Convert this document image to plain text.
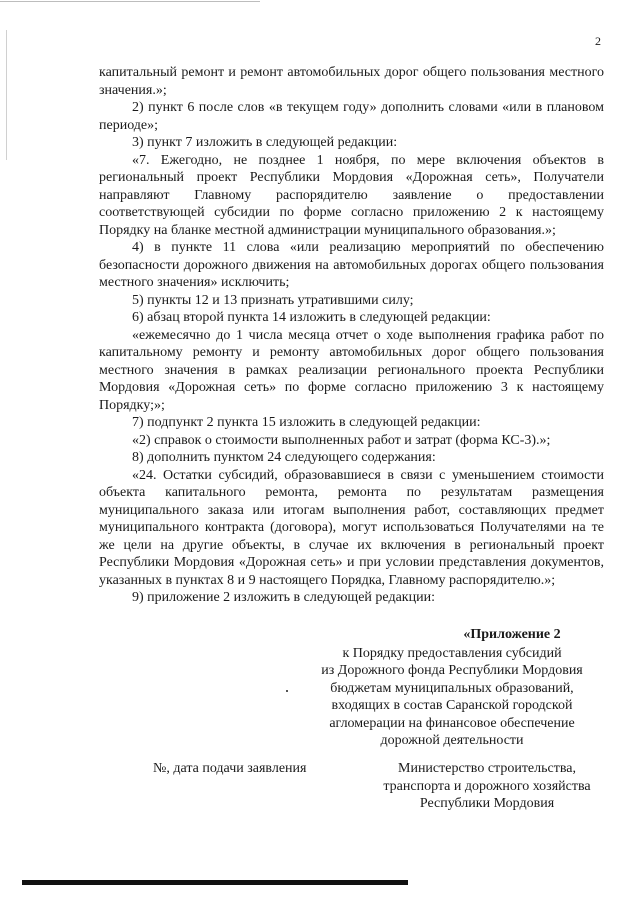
2

капитальный ремонт и ремонт автомобильных дорог общего пользования местного значения.»;

2) пункт 6 после слов «в текущем году» дополнить словами «или в плановом периоде»;

3) пункт 7 изложить в следующей редакции:

«7. Ежегодно, не позднее 1 ноября, по мере включения объектов в региональный проект Республики Мордовия «Дорожная сеть», Получатели направляют Главному распорядителю заявление о предоставлении соответствующей субсидии по форме согласно приложению 2 к настоящему Порядку на бланке местной администрации муниципального образования.»;

4) в пункте 11 слова «или реализацию мероприятий по обеспечению безопасности дорожного движения на автомобильных дорогах общего пользования местного значения» исключить;

5) пункты 12 и 13 признать утратившими силу;

6) абзац второй пункта 14 изложить в следующей редакции:

«ежемесячно до 1 числа месяца отчет о ходе выполнения графика работ по капитальному ремонту и ремонту автомобильных дорог общего пользования местного значения в рамках реализации регионального проекта Республики Мордовия «Дорожная сеть» по форме согласно приложению 3 к настоящему Порядку;»;

7) подпункт 2 пункта 15 изложить в следующей редакции:

«2) справок о стоимости выполненных работ и затрат (форма КС-3).»;

8) дополнить пунктом 24 следующего содержания:

«24. Остатки субсидий, образовавшиеся в связи с уменьшением стоимости объекта капитального ремонта, ремонта по результатам размещения муниципального заказа или итогам выполнения работ, составляющих предмет муниципального контракта (договора), могут использоваться Получателями на те же цели на другие объекты, в случае их включения в региональный проект Республики Мордовия «Дорожная сеть» и при условии представления документов, указанных в пунктах 8 и 9 настоящего Порядка, Главному распорядителю.»;

9) приложение 2 изложить в следующей редакции:

«Приложение 2
к Порядку предоставления субсидий
из Дорожного фонда Республики Мордовия
бюджетам муниципальных образований,
входящих в состав Саранской городской
агломерации на финансовое обеспечение
дорожной деятельности
№, дата подачи заявления	Министерство строительства,
транспорта и дорожного хозяйства
Республики Мордовия
